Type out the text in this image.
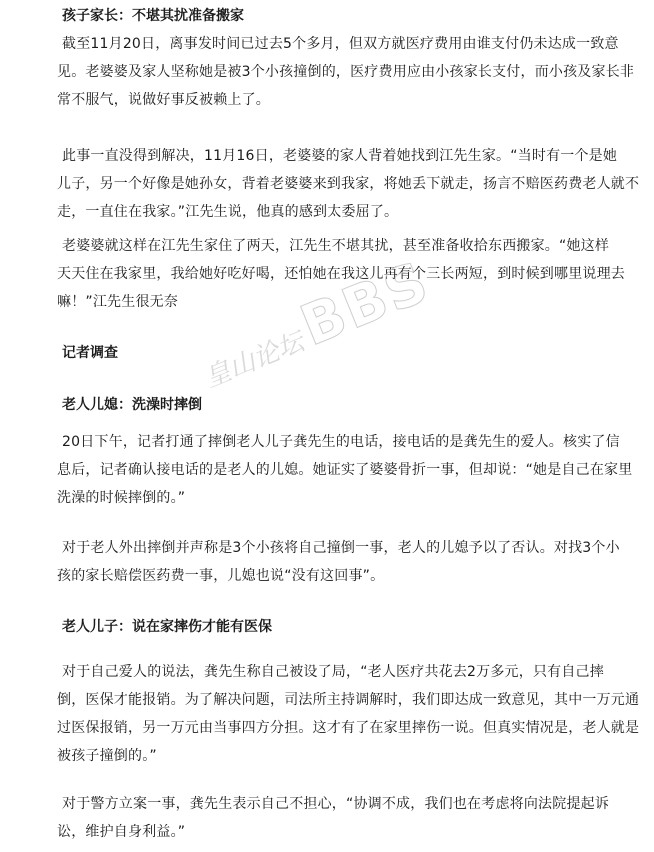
孩子家长：不堪其扰准备搬家
截至11月20日，离事发时间已过去5个多月，但双方就医疗费用由谁支付仍未达成一致意
见。老婆婆及家人坚称她是被3个小孩撞倒的，医疗费用应由小孩家长支付，而小孩及家长非
常不服气，说做好事反被赖上了。
此事一直没得到解决，11月16日，老婆婆的家人背着她找到江先生家。“当时有一个是她
儿子，另一个好像是她孙女，背着老婆婆来到我家，将她丢下就走，扬言不赔医药费老人就不
走，一直住在我家。”江先生说，他真的感到太委屈了。
老婆婆就这样在江先生家住了两天，江先生不堪其扰，甚至准备收拾东西搬家。“她这样
天天住在我家里，我给她好吃好喝，还怕她在我这儿再有个三长两短，到时候到哪里说理去
嘛！”江先生很无奈
记者调查
老人儿媳：洗澡时摔倒
20日下午，记者打通了摔倒老人儿子龚先生的电话，接电话的是龚先生的爱人。核实了信
息后，记者确认接电话的是老人的儿媳。她证实了婆婆骨折一事，但却说：“她是自己在家里
洗澡的时候摔倒的。”
对于老人外出摔倒并声称是3个小孩将自己撞倒一事，老人的儿媳予以了否认。对找3个小
孩的家长赔偿医药费一事，儿媳也说“没有这回事”。
老人儿子：说在家摔伤才能有医保
对于自己爱人的说法，龚先生称自己被设了局，“老人医疗共花去2万多元，只有自己摔
倒，医保才能报销。为了解决问题，司法所主持调解时，我们即达成一致意见，其中一万元通
过医保报销，另一万元由当事四方分担。这才有了在家里摔伤一说。但真实情况是，老人就是
被孩子撞倒的。”
对于警方立案一事，龚先生表示自己不担心，“协调不成，我们也在考虑将向法院提起诉
讼，维护自身利益。”
皇山论坛BBS
